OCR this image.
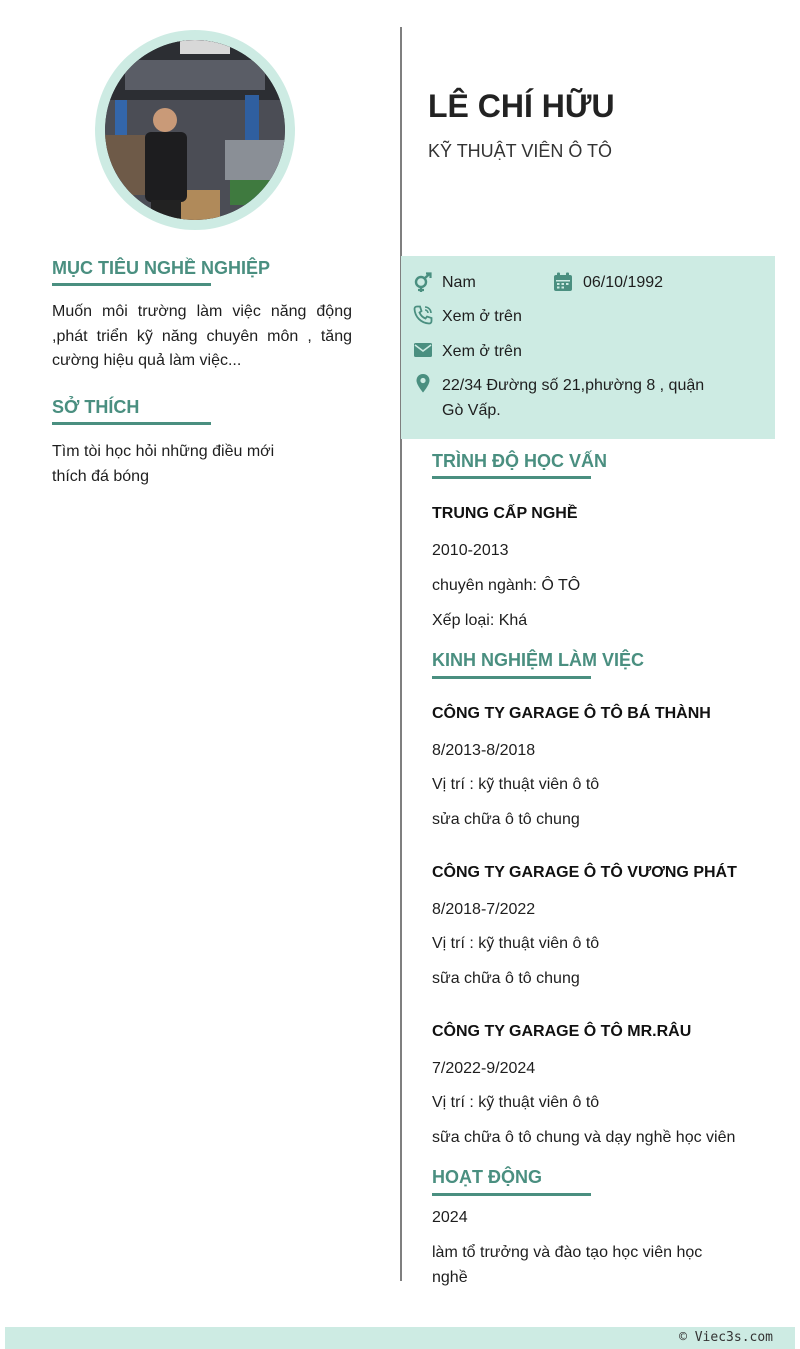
MỤC TIÊU NGHỀ NGHIỆP
Muốn môi trường làm việc năng động ,phát triển kỹ năng chuyên môn , tăng cường hiệu quả làm việc...
SỞ THÍCH
Tìm tòi học hỏi những điều mới
thích đá bóng
LÊ CHÍ HỮU
KỸ THUẬT VIÊN Ô TÔ
Nam	06/10/1992
Xem ở trên
Xem ở trên
22/34 Đường số 21,phường 8 , quận
Gò Vấp.
TRÌNH ĐỘ HỌC VẤN
TRUNG CẤP NGHỀ
2010-2013
chuyên ngành: Ô TÔ
Xếp loại: Khá
KINH NGHIỆM LÀM VIỆC
CÔNG TY GARAGE Ô TÔ BÁ THÀNH
8/2013-8/2018
Vị trí : kỹ thuật viên ô tô
sửa chữa ô tô chung
CÔNG TY GARAGE Ô TÔ VƯƠNG PHÁT
8/2018-7/2022
Vị trí : kỹ thuật viên ô tô
sữa chữa ô tô chung
CÔNG TY GARAGE Ô TÔ MR.RÂU
7/2022-9/2024
Vị trí : kỹ thuật viên ô tô
sữa chữa ô tô chung và dạy nghề học viên
HOẠT ĐỘNG
2024
làm tổ trưởng và đào tạo học viên học nghề
© Viec3s.com
